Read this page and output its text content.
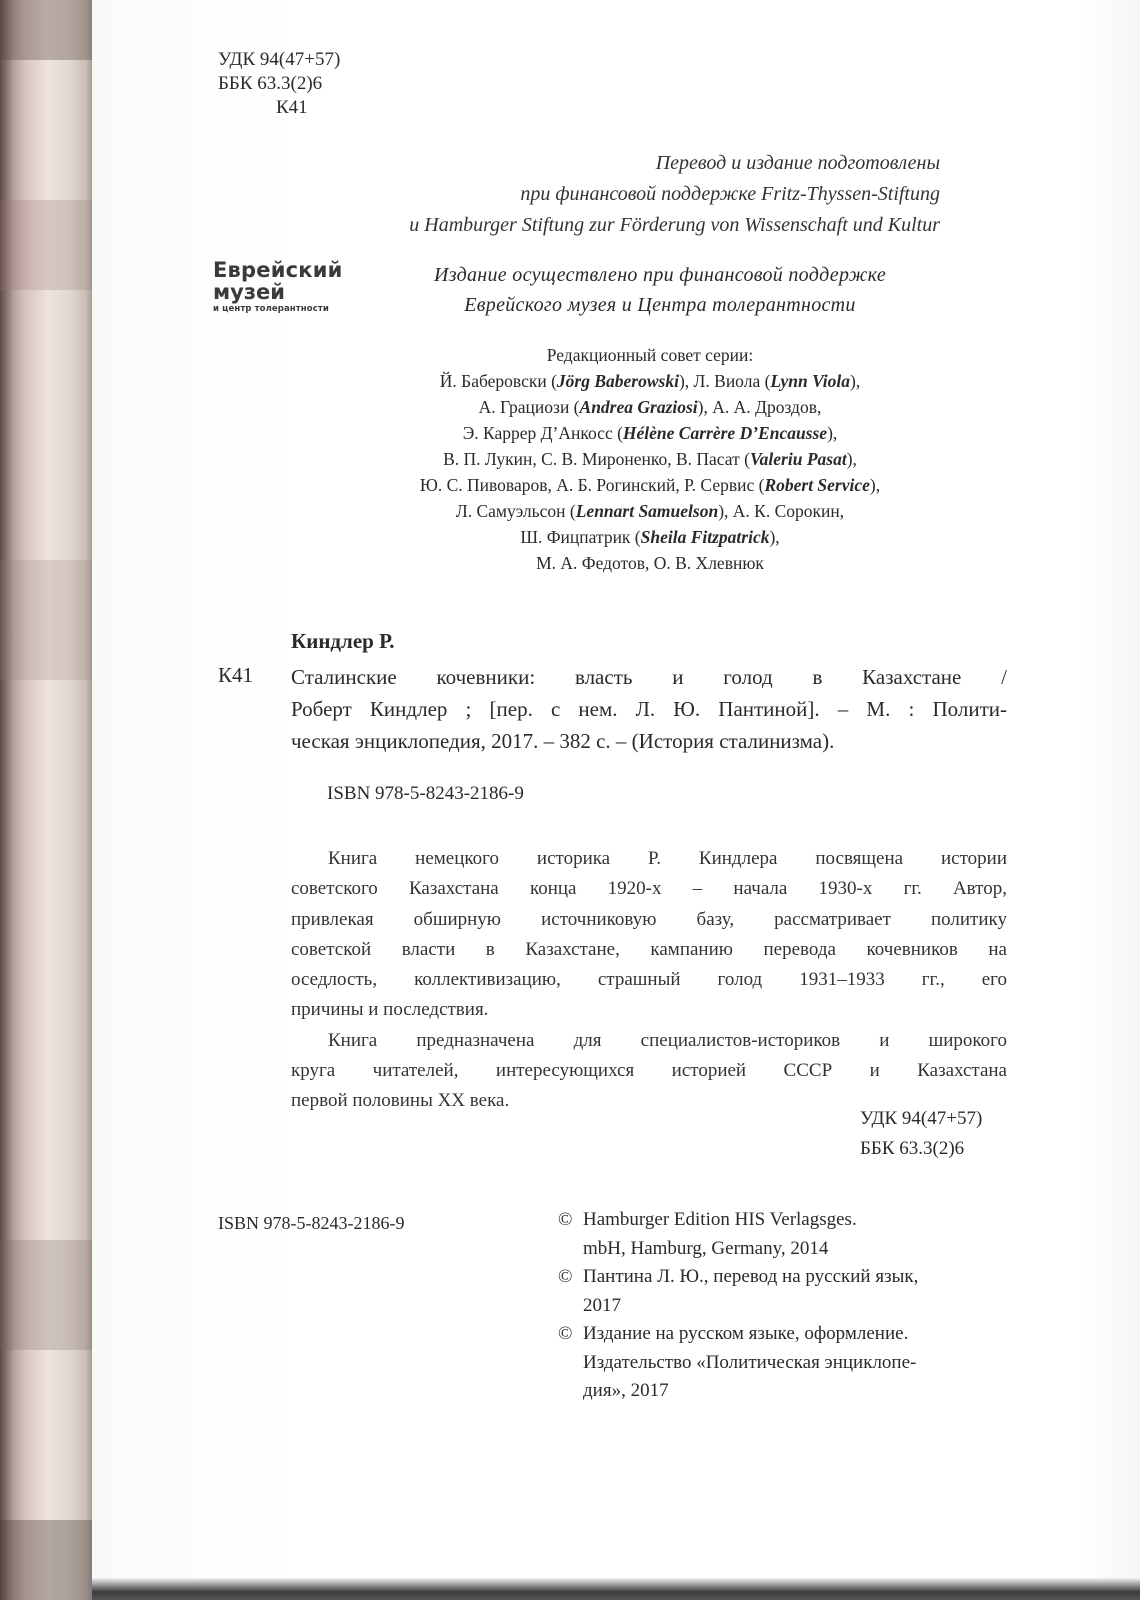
УДК 94(47+57)
ББК 63.3(2)6
К41
Перевод и издание подготовлены
при финансовой поддержке Fritz-Thyssen-Stiftung
и Hamburger Stiftung zur Förderung von Wissenschaft und Kultur
Еврейский
музей
и центр толерантности
Издание осуществлено при финансовой поддержке
Еврейского музея и Центра толерантности
Редакционный совет серии:
Й. Баберовски (Jörg Baberowski), Л. Виола (Lynn Viola),
А. Грациози (Andrea Graziosi), А. А. Дроздов,
Э. Каррер Д’Анкосс (Hélène Carrère D’Encausse),
В. П. Лукин, С. В. Мироненко, В. Пасат (Valeriu Pasat),
Ю. С. Пивоваров, А. Б. Рогинский, Р. Сервис (Robert Service),
Л. Самуэльсон (Lennart Samuelson), А. К. Сорокин,
Ш. Фицпатрик (Sheila Fitzpatrick),
М. А. Федотов, О. В. Хлевнюк
Киндлер Р.
К41 Сталинские кочевники: власть и голод в Казахстане /
Роберт Киндлер ; [пер. с нем. Л. Ю. Пантиной]. – М. : Полити-
ческая энциклопедия, 2017. – 382 с. – (История сталинизма).
ISBN 978-5-8243-2186-9
Книга немецкого историка Р. Киндлера посвящена истории
советского Казахстана конца 1920-х – начала 1930-х гг. Автор,
привлекая обширную источниковую базу, рассматривает политику
советской власти в Казахстане, кампанию перевода кочевников на
оседлость, коллективизацию, страшный голод 1931–1933 гг., его
причины и последствия.
Книга предназначена для специалистов-историков и широкого
круга читателей, интересующихся историей СССР и Казахстана
первой половины XX века.
УДК 94(47+57)
ББК 63.3(2)6
ISBN 978-5-8243-2186-9	© Hamburger Edition HIS Verlagsges.
mbH, Hamburg, Germany, 2014
© Пантина Л. Ю., перевод на русский язык,
2017
© Издание на русском языке, оформление.
Издательство «Политическая энциклопе-
дия», 2017
